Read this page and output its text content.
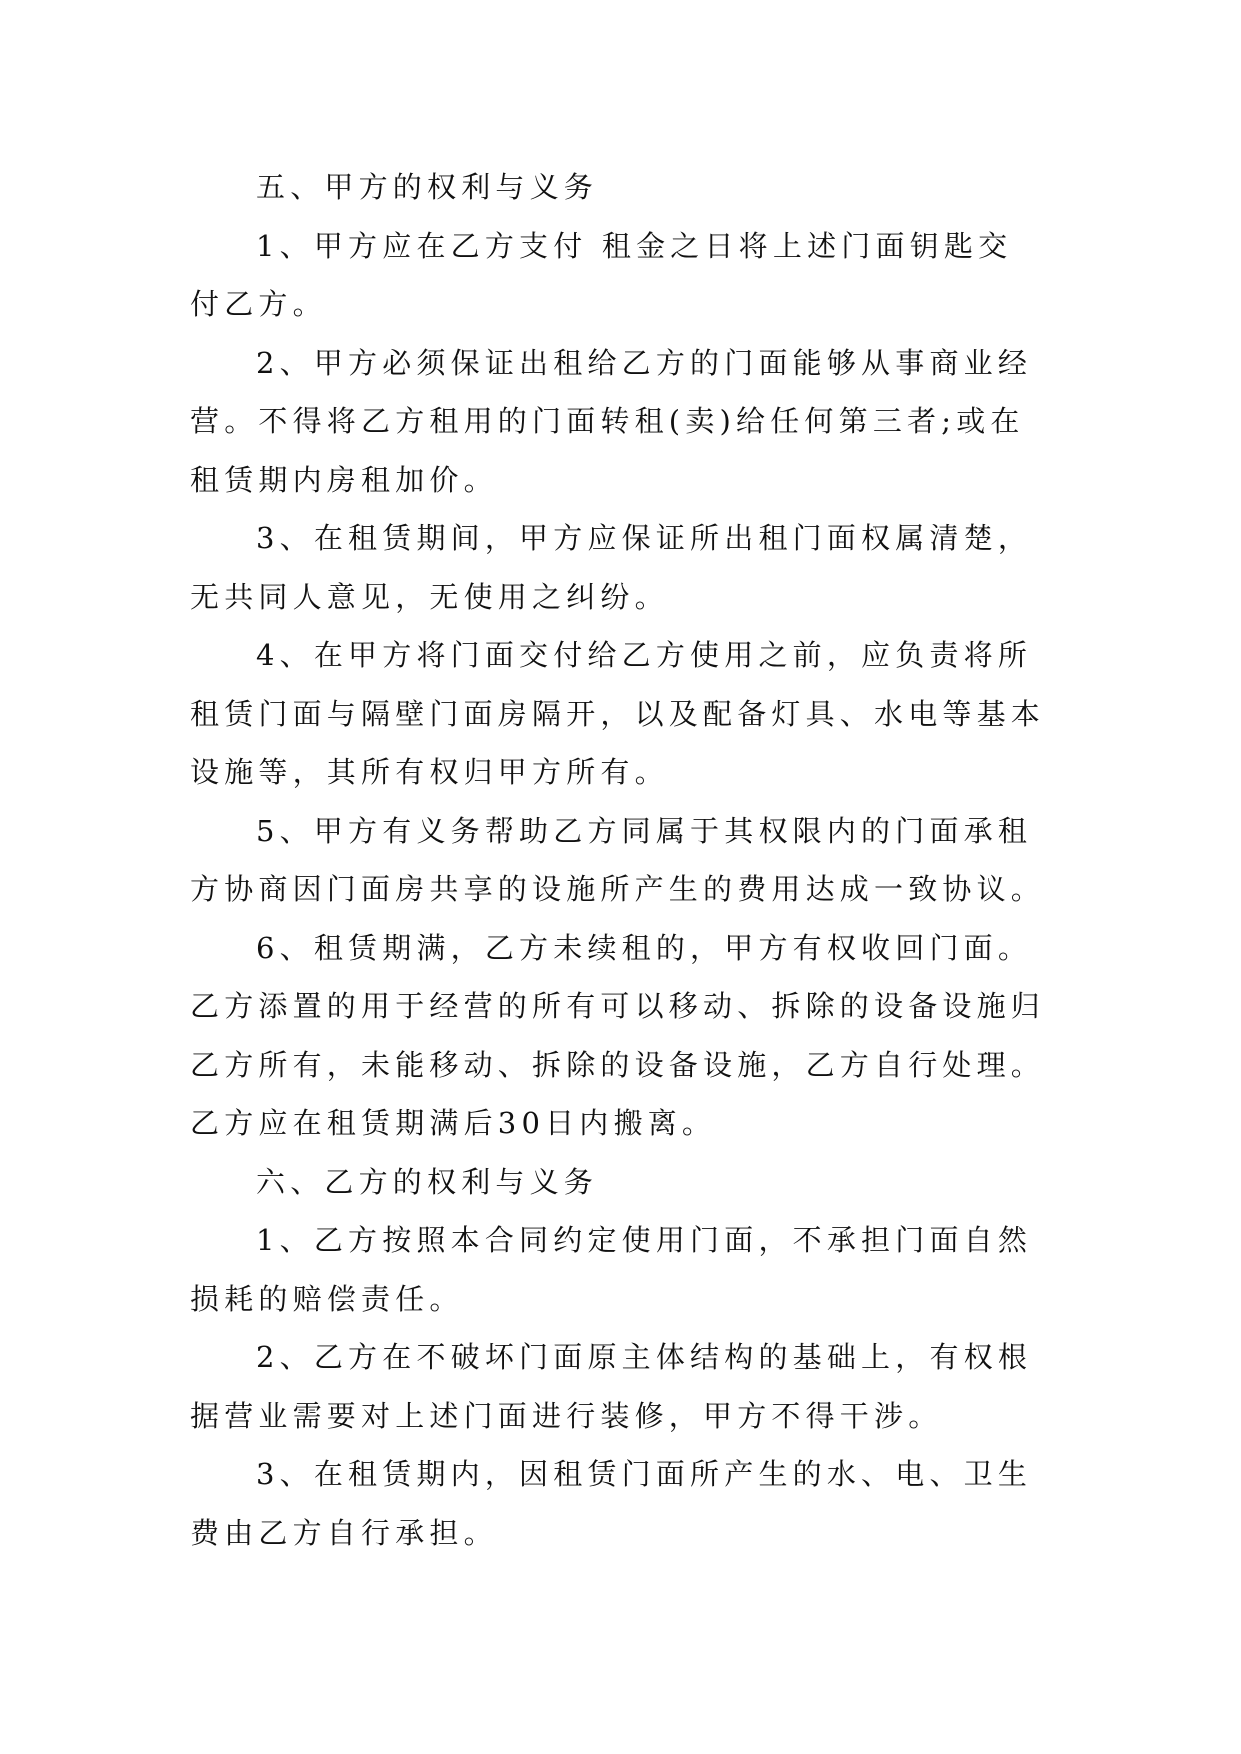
五、甲方的权利与义务

1、甲方应在乙方支付 租金之日将上述门面钥匙交付乙方。

2、甲方必须保证出租给乙方的门面能够从事商业经营。不得将乙方租用的门面转租(卖)给任何第三者;或在租赁期内房租加价。

3、在租赁期间，甲方应保证所出租门面权属清楚，无共同人意见，无使用之纠纷。

4、在甲方将门面交付给乙方使用之前，应负责将所租赁门面与隔壁门面房隔开，以及配备灯具、水电等基本设施等，其所有权归甲方所有。

5、甲方有义务帮助乙方同属于其权限内的门面承租方协商因门面房共享的设施所产生的费用达成一致协议。

6、租赁期满，乙方未续租的，甲方有权收回门面。乙方添置的用于经营的所有可以移动、拆除的设备设施归乙方所有，未能移动、拆除的设备设施，乙方自行处理。乙方应在租赁期满后30日内搬离。

六、乙方的权利与义务

1、乙方按照本合同约定使用门面，不承担门面自然损耗的赔偿责任。

2、乙方在不破坏门面原主体结构的基础上，有权根据营业需要对上述门面进行装修，甲方不得干涉。

3、在租赁期内，因租赁门面所产生的水、电、卫生费由乙方自行承担。
